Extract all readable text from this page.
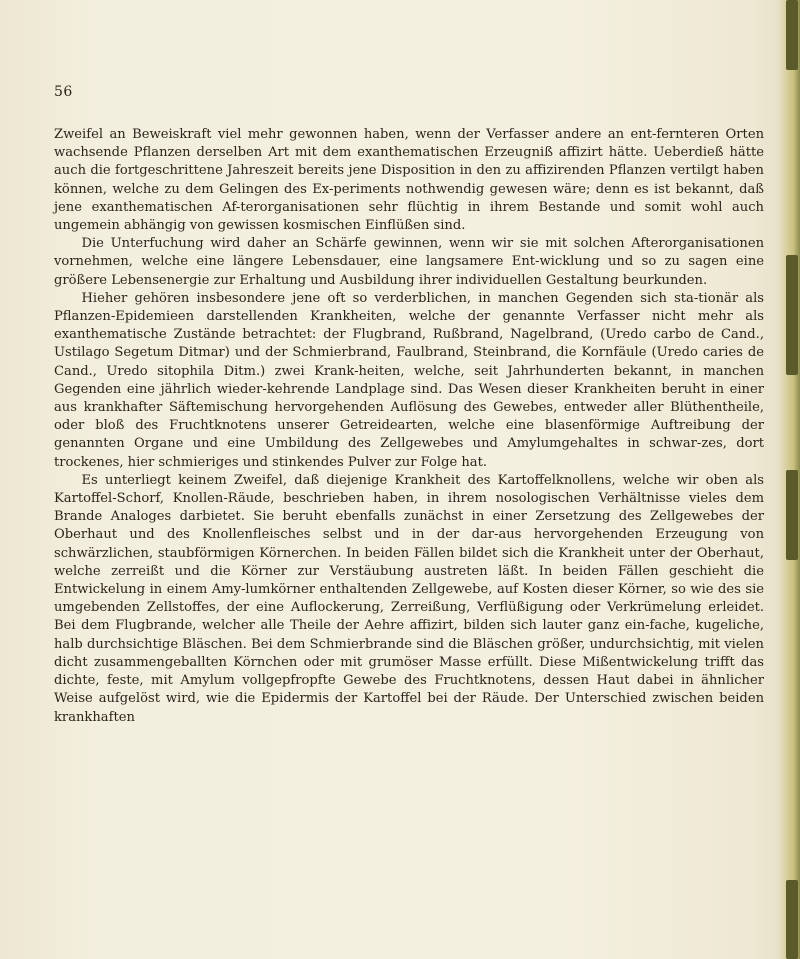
56

Zweifel an Beweiskraft viel mehr gewonnen haben, wenn der Verfasser andere an ent-fernteren Orten wachsende Pflanzen derselben Art mit dem exanthematischen Erzeugniß affizirt hätte. Ueberdieß hätte auch die fortgeschrittene Jahreszeit bereits jene Disposition in den zu affizirenden Pflanzen vertilgt haben können, welche zu dem Gelingen des Ex-periments nothwendig gewesen wäre; denn es ist bekannt, daß jene exanthematischen Af-terorganisationen sehr flüchtig in ihrem Bestande und somit wohl auch ungemein abhängig von gewissen kosmischen Einflüßen sind.

Die Unterfuchung wird daher an Schärfe gewinnen, wenn wir sie mit solchen Afterorganisationen vornehmen, welche eine längere Lebensdauer, eine langsamere Ent-wicklung und so zu sagen eine größere Lebensenergie zur Erhaltung und Ausbildung ihrer individuellen Gestaltung beurkunden.

Hieher gehören insbesondere jene oft so verderblichen, in manchen Gegenden sich sta-tionär als Pflanzen-Epidemieen darstellenden Krankheiten, welche der genannte Verfasser nicht mehr als exanthematische Zustände betrachtet: der Flugbrand, Rußbrand, Nagelbrand, (Uredo carbo de Cand., Ustilago Segetum Ditmar) und der Schmierbrand, Faulbrand, Steinbrand, die Kornfäule (Uredo caries de Cand., Uredo sitophila Ditm.) zwei Krank-heiten, welche, seit Jahrhunderten bekannt, in manchen Gegenden eine jährlich wieder-kehrende Landplage sind. Das Wesen dieser Krankheiten beruht in einer aus krankhafter Säftemischung hervorgehenden Auflösung des Gewebes, entweder aller Blüthentheile, oder bloß des Fruchtknotens unserer Getreidearten, welche eine blasenförmige Auftreibung der genannten Organe und eine Umbildung des Zellgewebes und Amylumgehaltes in schwar-zes, dort trockenes, hier schmieriges und stinkendes Pulver zur Folge hat.

Es unterliegt keinem Zweifel, daß diejenige Krankheit des Kartoffelknollens, welche wir oben als Kartoffel-Schorf, Knollen-Räude, beschrieben haben, in ihrem nosologischen Verhältnisse vieles dem Brande Analoges darbietet. Sie beruht ebenfalls zunächst in einer Zersetzung des Zellgewebes der Oberhaut und des Knollenfleisches selbst und in der dar-aus hervorgehenden Erzeugung von schwärzlichen, staubförmigen Körnerchen. In beiden Fällen bildet sich die Krankheit unter der Oberhaut, welche zerreißt und die Körner zur Verstäubung austreten läßt. In beiden Fällen geschieht die Entwickelung in einem Amy-lumkörner enthaltenden Zellgewebe, auf Kosten dieser Körner, so wie des sie umgebenden Zellstoffes, der eine Auflockerung, Zerreißung, Verflüßigung oder Verkrümelung erleidet. Bei dem Flugbrande, welcher alle Theile der Aehre affizirt, bilden sich lauter ganz ein-fache, kugeliche, halb durchsichtige Bläschen. Bei dem Schmierbrande sind die Bläschen größer, undurchsichtig, mit vielen dicht zusammengeballten Körnchen oder mit grumöser Masse erfüllt. Diese Mißentwickelung trifft das dichte, feste, mit Amylum vollgepfropfte Gewebe des Fruchtknotens, dessen Haut dabei in ähnlicher Weise aufgelöst wird, wie die Epidermis der Kartoffel bei der Räude. Der Unterschied zwischen beiden krankhaften
